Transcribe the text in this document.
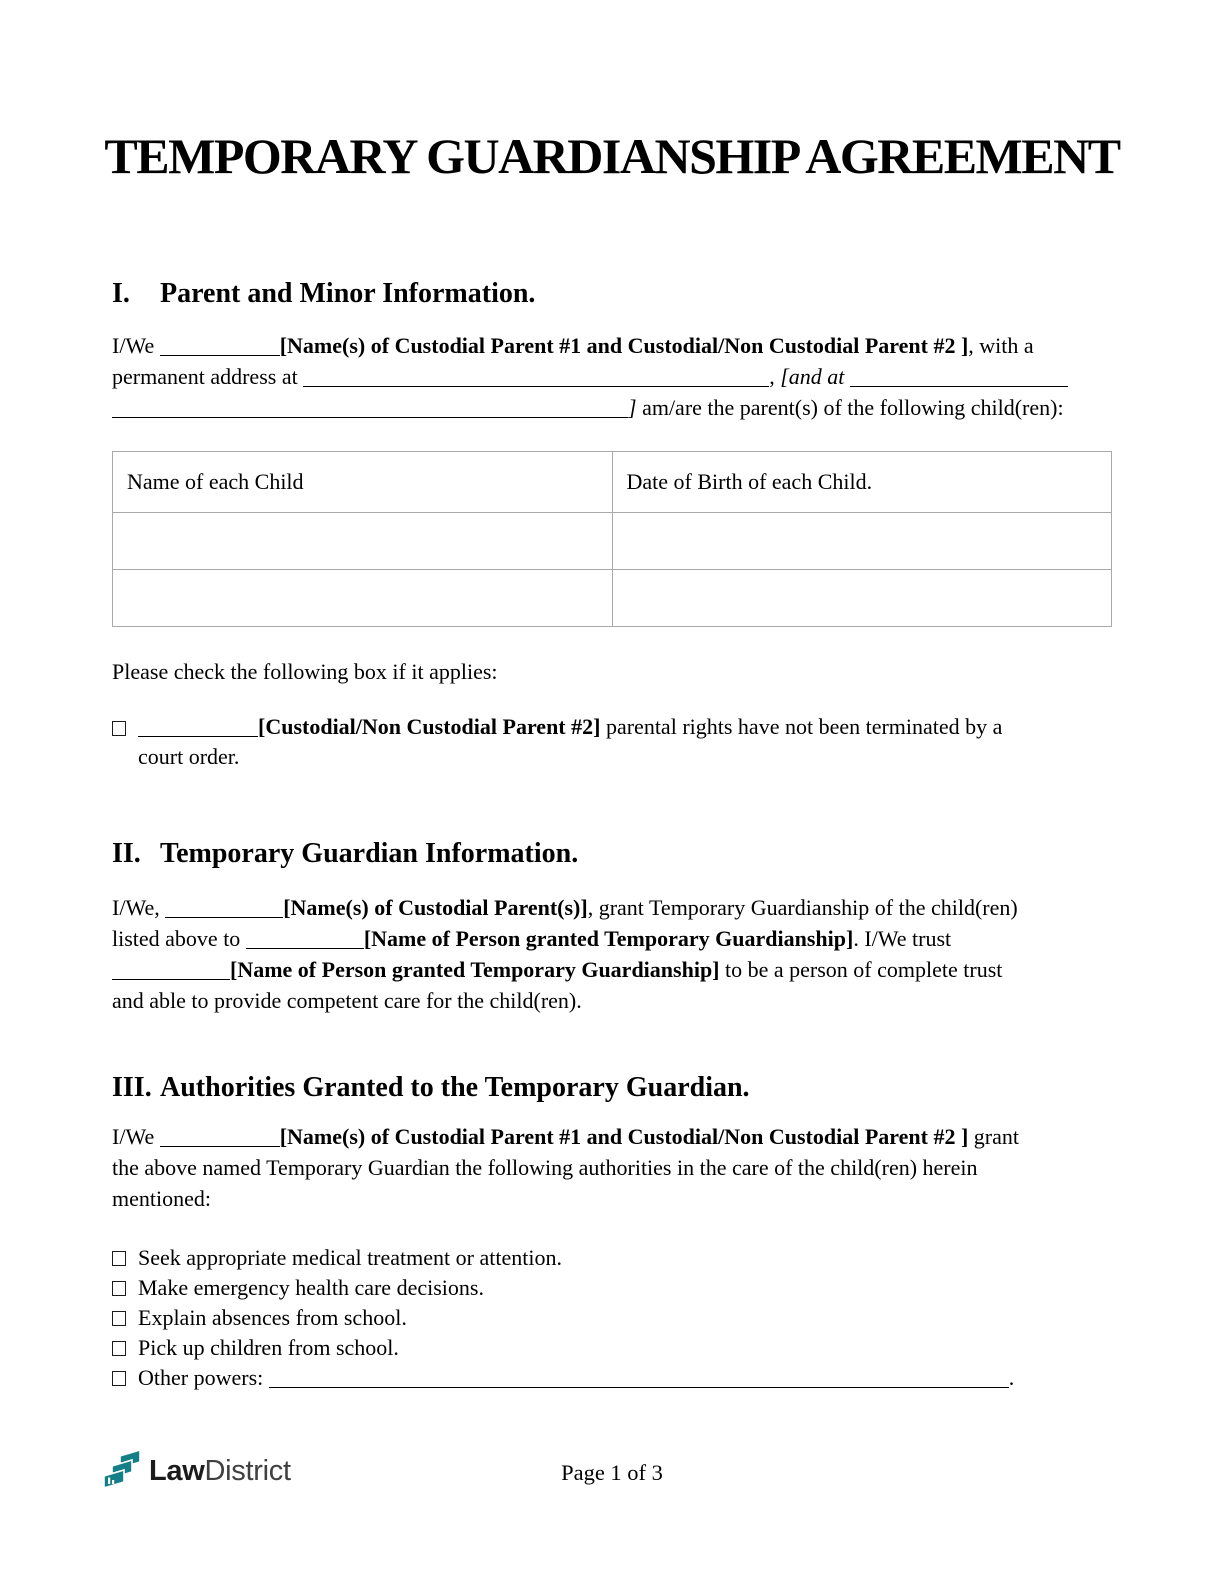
TEMPORARY GUARDIANSHIP AGREEMENT
I. Parent and Minor Information.
I/We	[Name(s) of Custodial Parent #1 and Custodial/Non Custodial Parent #2 ], with a
permanent address at	, [and at
] am/are the parent(s) of the following child(ren):
Name of each Child	Date of Birth of each Child.

Please check the following box if it applies:
[Custodial/Non Custodial Parent #2] parental rights have not been terminated by a
court order.
II. Temporary Guardian Information.
I/We,	[Name(s) of Custodial Parent(s)], grant Temporary Guardianship of the child(ren)
listed above to	[Name of Person granted Temporary Guardianship]. I/We trust
[Name of Person granted Temporary Guardianship] to be a person of complete trust
and able to provide competent care for the child(ren).
III. Authorities Granted to the Temporary Guardian.
I/We	[Name(s) of Custodial Parent #1 and Custodial/Non Custodial Parent #2 ] grant
the above named Temporary Guardian the following authorities in the care of the child(ren) herein
mentioned:
Seek appropriate medical treatment or attention.
Make emergency health care decisions.
Explain absences from school.
Pick up children from school.
Other powers:	.
LawDistrict	Page 1 of 3
